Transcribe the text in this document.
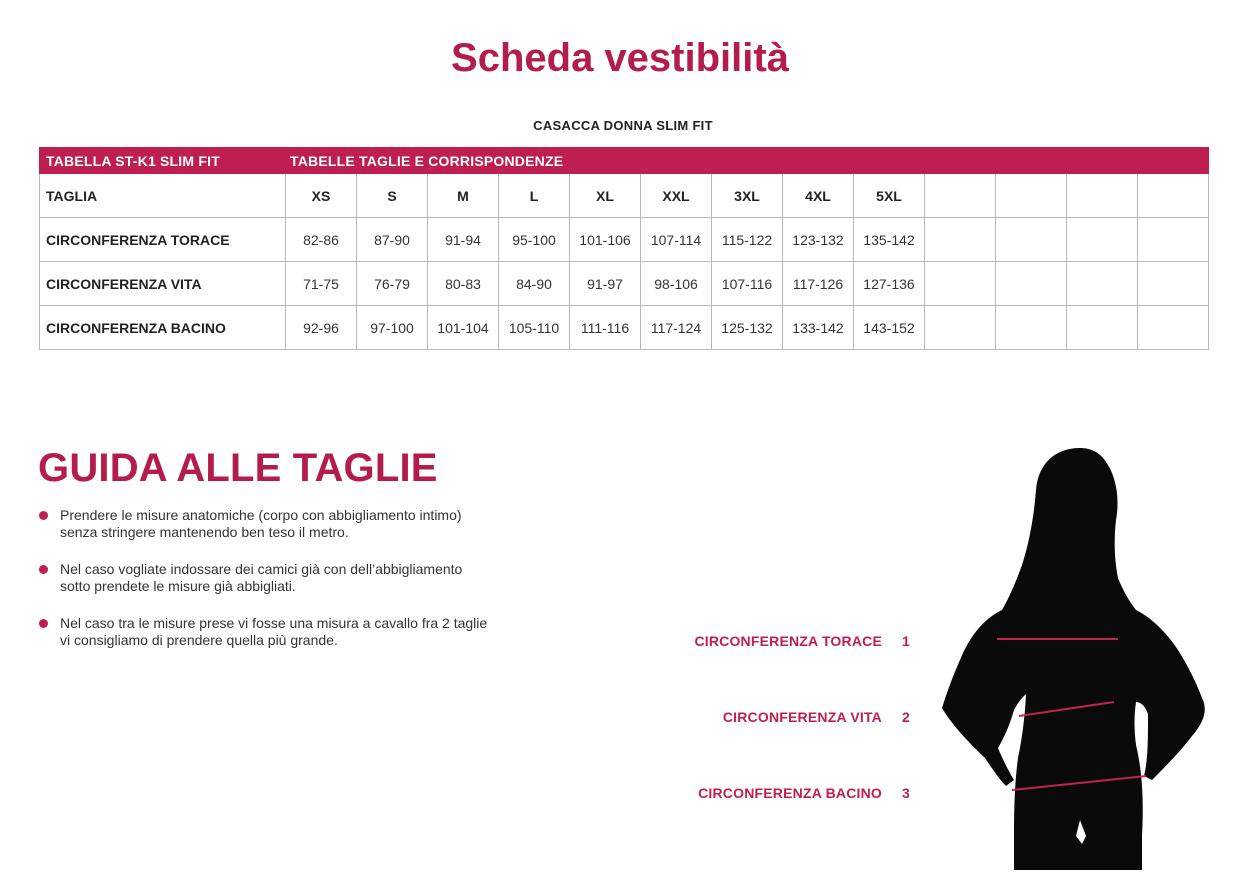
Scheda vestibilità
CASACCA DONNA SLIM FIT
TABELLA ST-K1 SLIM FIT	TABELLE TAGLIE E CORRISPONDENZE												
TAGLIA	XS	S	M	L	XL	XXL	3XL	4XL	5XL				
CIRCONFERENZA TORACE	82-86	87-90	91-94	95-100	101-106	107-114	115-122	123-132	135-142				
CIRCONFERENZA VITA	71-75	76-79	80-83	84-90	91-97	98-106	107-116	117-126	127-136				
CIRCONFERENZA BACINO	92-96	97-100	101-104	105-110	111-116	117-124	125-132	133-142	143-152				
GUIDA ALLE TAGLIE
Prendere le misure anatomiche (corpo con abbigliamento intimo)
senza stringere mantenendo ben teso il metro.
Nel caso vogliate indossare dei camici già con dell’abbigliamento
sotto prendete le misure già abbigliati.
Nel caso tra le misure prese vi fosse una misura a cavallo fra 2 taglie
vi consigliamo di prendere quella più grande.	CIRCONFERENZA TORACE 1
CIRCONFERENZA VITA 2
CIRCONFERENZA BACINO 3
